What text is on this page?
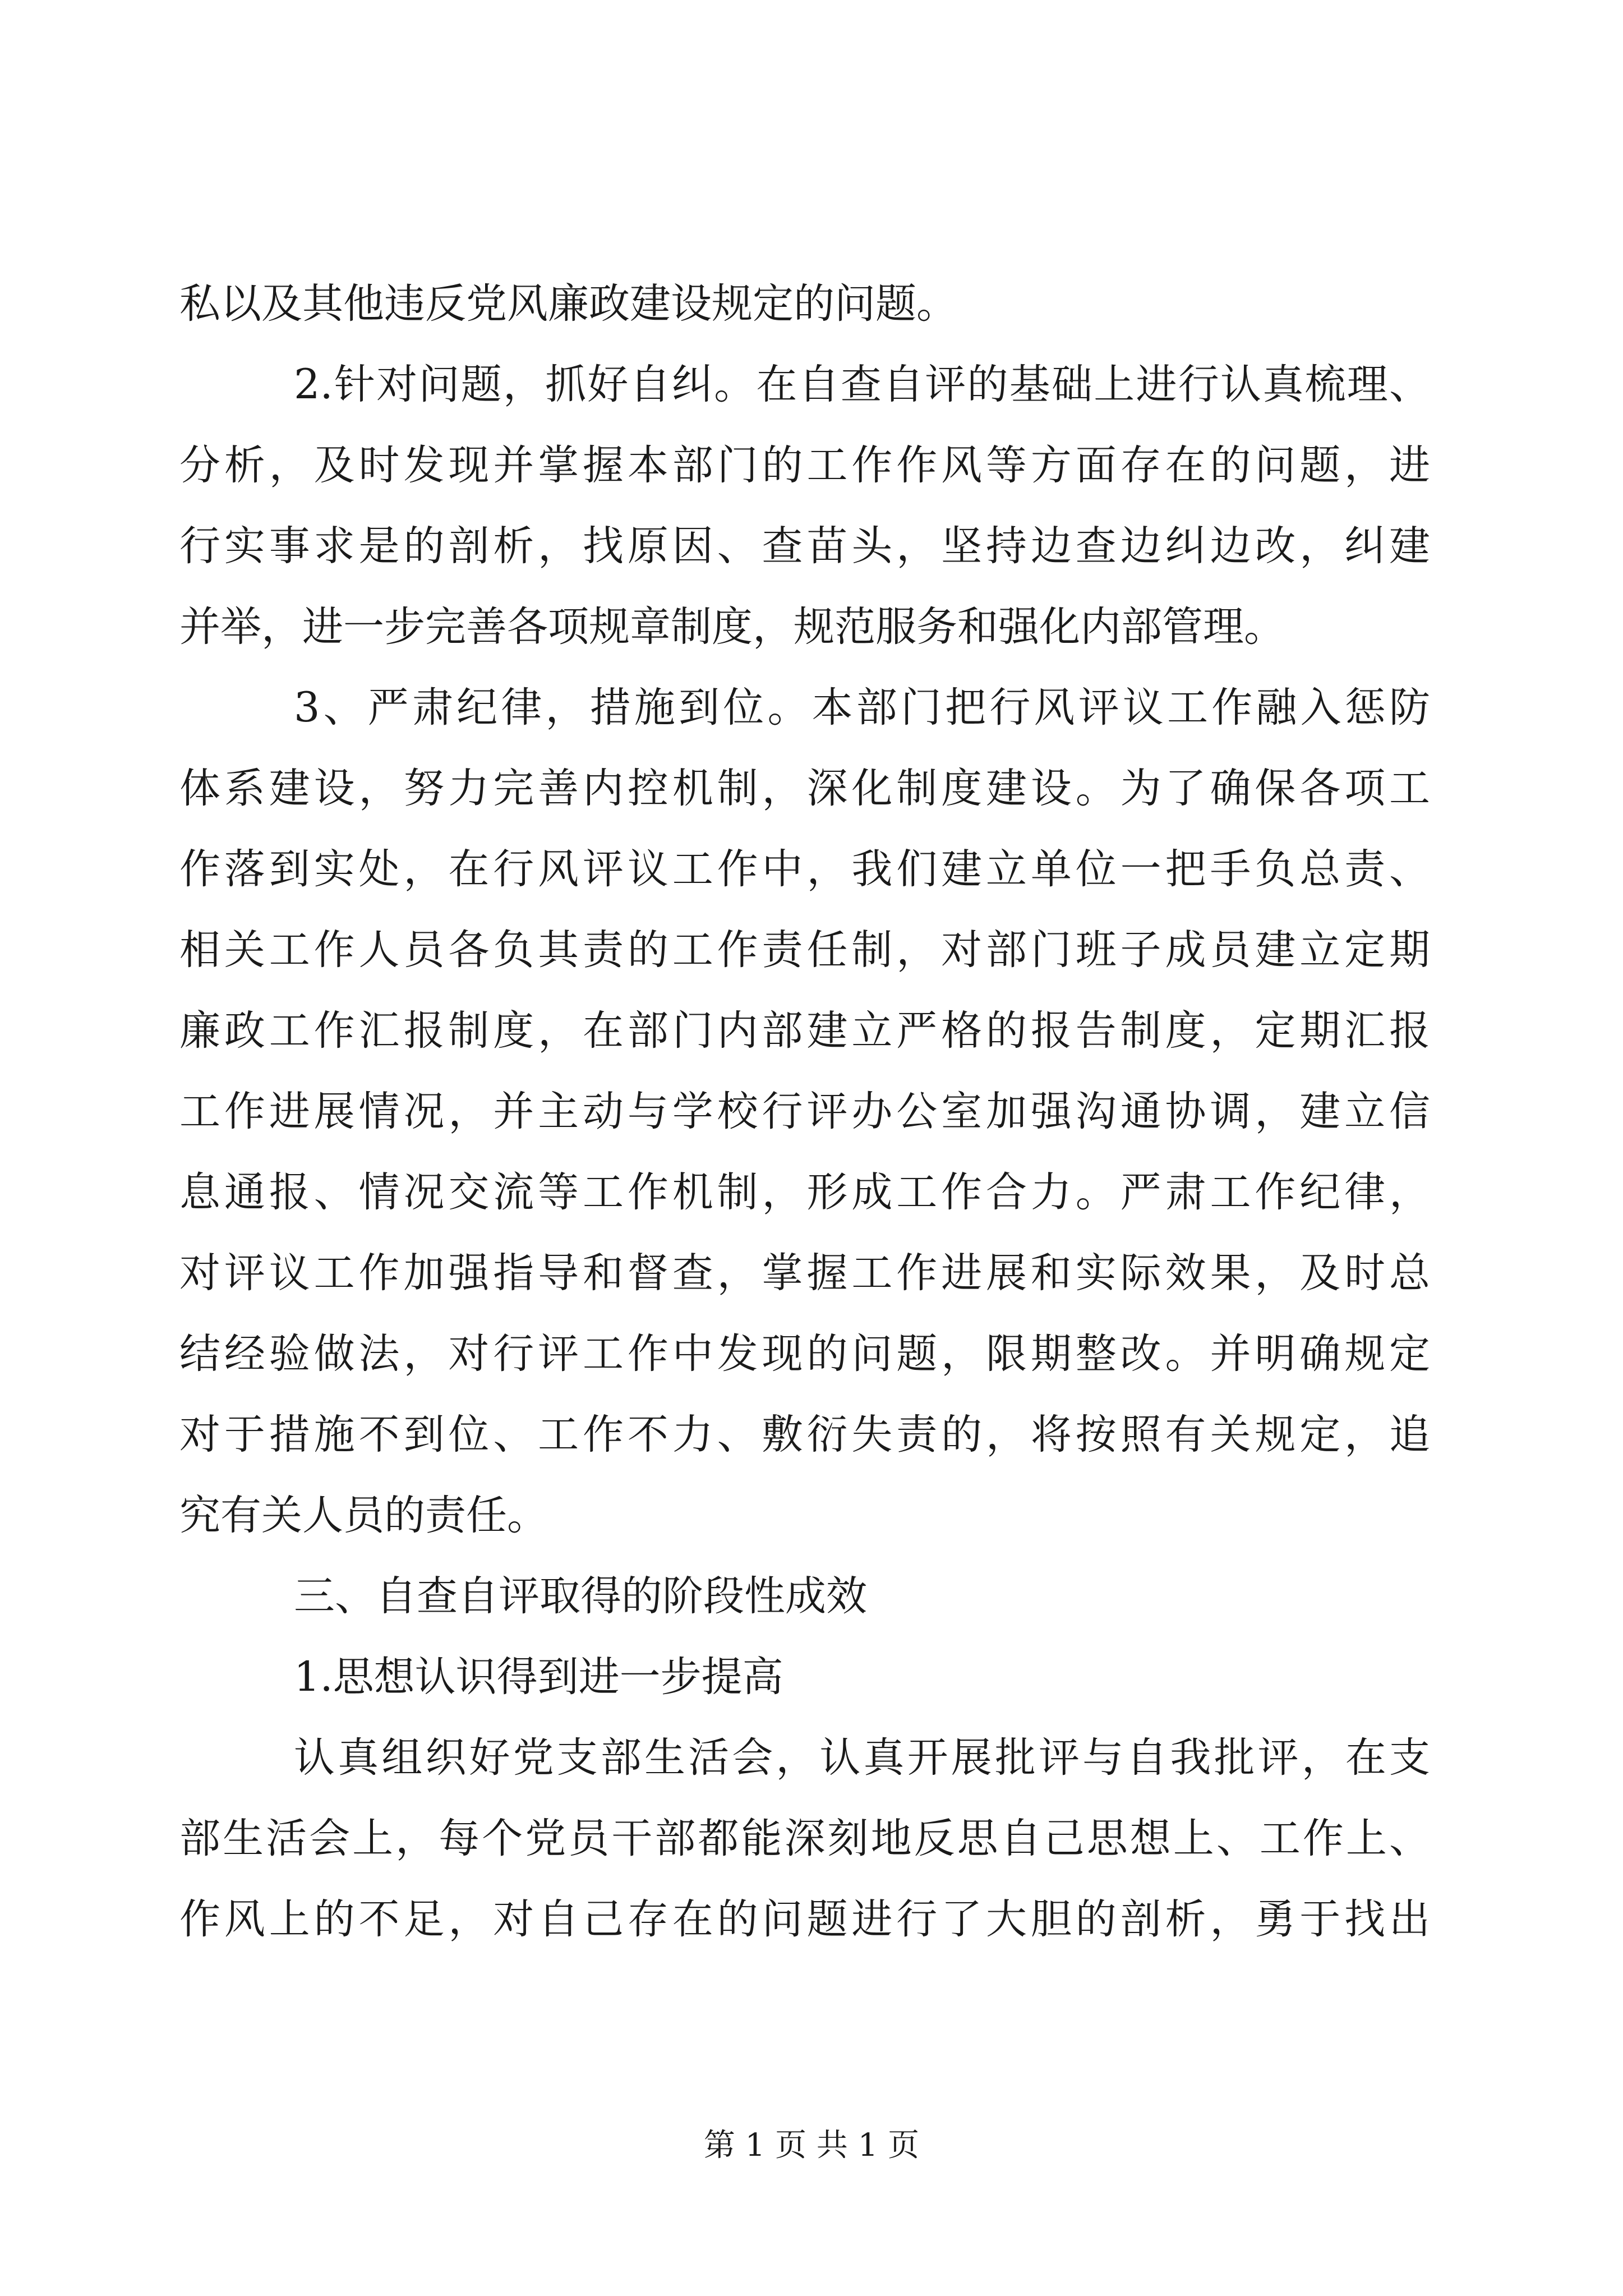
私以及其他违反党风廉政建设规定的问题。
2.针对问题，抓好自纠。在自查自评的基础上进行认真梳理、
分析，及时发现并掌握本部门的工作作风等方面存在的问题，进
行实事求是的剖析，找原因、查苗头，坚持边查边纠边改，纠建
并举，进一步完善各项规章制度，规范服务和强化内部管理。
3、严肃纪律，措施到位。本部门把行风评议工作融入惩防
体系建设，努力完善内控机制，深化制度建设。为了确保各项工
作落到实处，在行风评议工作中，我们建立单位一把手负总责、
相关工作人员各负其责的工作责任制，对部门班子成员建立定期
廉政工作汇报制度，在部门内部建立严格的报告制度，定期汇报
工作进展情况，并主动与学校行评办公室加强沟通协调，建立信
息通报、情况交流等工作机制，形成工作合力。严肃工作纪律，
对评议工作加强指导和督查，掌握工作进展和实际效果，及时总
结经验做法，对行评工作中发现的问题，限期整改。并明确规定
对于措施不到位、工作不力、敷衍失责的，将按照有关规定，追
究有关人员的责任。
三、自查自评取得的阶段性成效
1.思想认识得到进一步提高
认真组织好党支部生活会，认真开展批评与自我批评，在支
部生活会上，每个党员干部都能深刻地反思自己思想上、工作上、
作风上的不足，对自己存在的问题进行了大胆的剖析，勇于找出
第 1 页 共 1 页
